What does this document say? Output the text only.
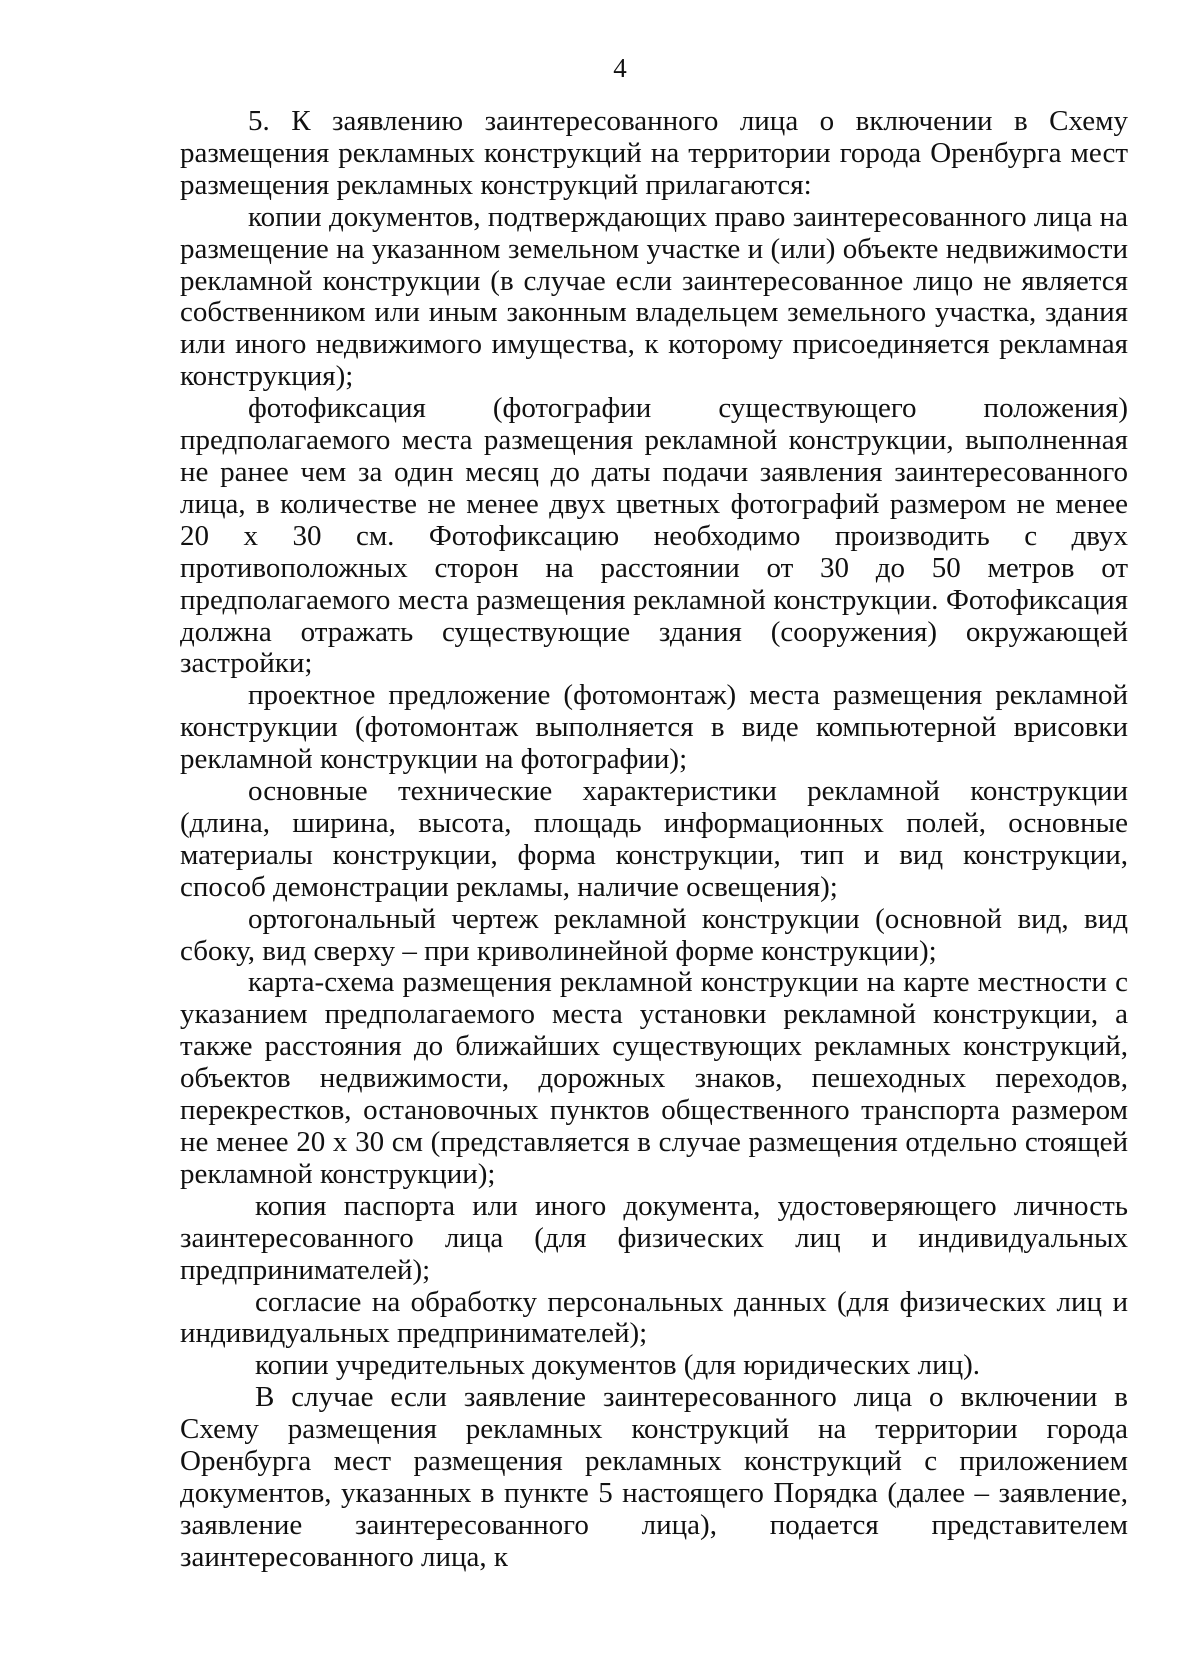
4

5. К заявлению заинтересованного лица о включении в Схему размещения рекламных конструкций на территории города Оренбурга мест размещения рекламных конструкций прилагаются:

копии документов, подтверждающих право заинтересованного лица на размещение на указанном земельном участке и (или) объекте недвижимости рекламной конструкции (в случае если заинтересованное лицо не является собственником или иным законным владельцем земельного участка, здания или иного недвижимого имущества, к которому присоединяется рекламная конструкция);

фотофиксация (фотографии существующего положения) предполагаемого места размещения рекламной конструкции, выполненная не ранее чем за один месяц до даты подачи заявления заинтересованного лица, в количестве не менее двух цветных фотографий размером не менее 20 x 30 см. Фотофиксацию необходимо производить с двух противоположных сторон на расстоянии от 30 до 50 метров от предполагаемого места размещения рекламной конструкции. Фотофиксация должна отражать существующие здания (сооружения) окружающей застройки;

проектное предложение (фотомонтаж) места размещения рекламной конструкции (фотомонтаж выполняется в виде компьютерной врисовки рекламной конструкции на фотографии);

основные технические характеристики рекламной конструкции (длина, ширина, высота, площадь информационных полей, основные материалы конструкции, форма конструкции, тип и вид конструкции, способ демонстрации рекламы, наличие освещения);

ортогональный чертеж рекламной конструкции (основной вид, вид сбоку, вид сверху – при криволинейной форме конструкции);

карта-схема размещения рекламной конструкции на карте местности с указанием предполагаемого места установки рекламной конструкции, а также расстояния до ближайших существующих рекламных конструкций, объектов недвижимости, дорожных знаков, пешеходных переходов, перекрестков, остановочных пунктов общественного транспорта размером не менее 20 x 30 см (представляется в случае размещения отдельно стоящей рекламной конструкции);

копия паспорта или иного документа, удостоверяющего личность заинтересованного лица (для физических лиц и индивидуальных предпринимателей);

согласие на обработку персональных данных (для физических лиц и индивидуальных предпринимателей);

копии учредительных документов (для юридических лиц).

В случае если заявление заинтересованного лица о включении в Схему размещения рекламных конструкций на территории города Оренбурга мест размещения рекламных конструкций с приложением документов, указанных в пункте 5 настоящего Порядка (далее – заявление, заявление заинтересованного лица), подается представителем заинтересованного лица, к
